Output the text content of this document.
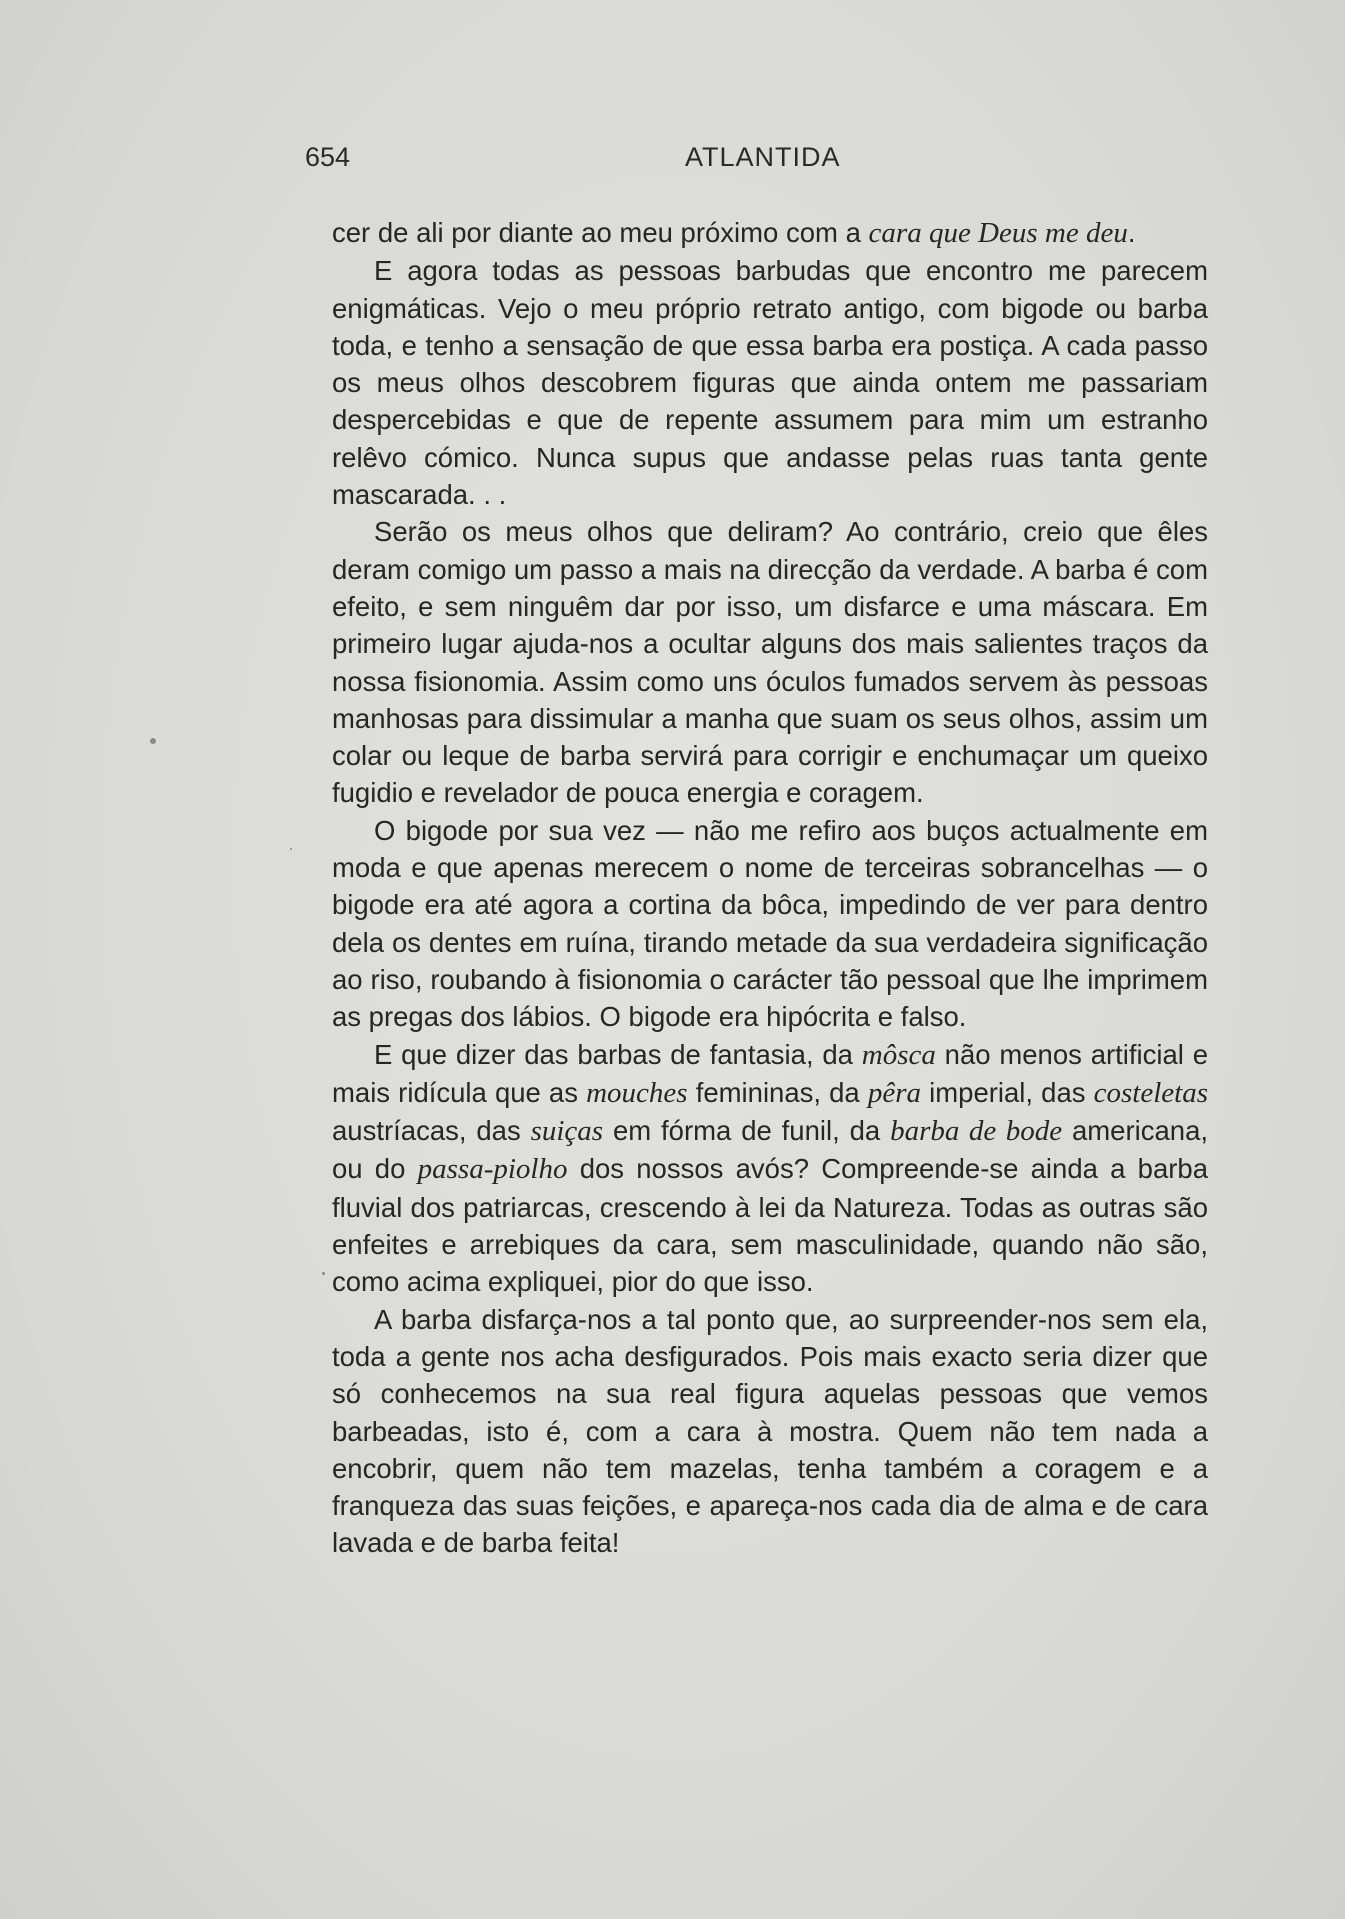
654	ATLANTIDA

cer de ali por diante ao meu próximo com a cara que Deus me deu.

E agora todas as pessoas barbudas que encontro me parecem enigmáticas. Vejo o meu próprio retrato antigo, com bigode ou barba toda, e tenho a sensação de que essa barba era postiça. A cada passo os meus olhos descobrem figuras que ainda ontem me passariam despercebidas e que de repente assumem para mim um estranho relêvo cómico. Nunca supus que andasse pelas ruas tanta gente mascarada. . .

Serão os meus olhos que deliram? Ao contrário, creio que êles deram comigo um passo a mais na direcção da verdade. A barba é com efeito, e sem ninguêm dar por isso, um disfarce e uma máscara. Em primeiro lugar ajuda-nos a ocultar alguns dos mais salientes traços da nossa fisionomia. Assim como uns óculos fumados servem às pessoas manhosas para dissimular a manha que suam os seus olhos, assim um colar ou leque de barba servirá para corrigir e enchumaçar um queixo fugidio e revelador de pouca energia e coragem.

O bigode por sua vez — não me refiro aos buços actualmente em moda e que apenas merecem o nome de terceiras sobrancelhas — o bigode era até agora a cortina da bôca, impedindo de ver para dentro dela os dentes em ruína, tirando metade da sua verdadeira significação ao riso, roubando à fisionomia o carácter tão pessoal que lhe imprimem as pregas dos lábios. O bigode era hipócrita e falso.

E que dizer das barbas de fantasia, da môsca não menos artificial e mais ridícula que as mouches femininas, da pêra imperial, das costeletas austríacas, das suiças em fórma de funil, da barba de bode americana, ou do passa-piolho dos nossos avós? Compreende-se ainda a barba fluvial dos patriarcas, crescendo à lei da Natureza. Todas as outras são enfeites e arrebiques da cara, sem masculinidade, quando não são, como acima expliquei, pior do que isso.

A barba disfarça-nos a tal ponto que, ao surpreender-nos sem ela, toda a gente nos acha desfigurados. Pois mais exacto seria dizer que só conhecemos na sua real figura aquelas pessoas que vemos barbeadas, isto é, com a cara à mostra. Quem não tem nada a encobrir, quem não tem mazelas, tenha também a coragem e a franqueza das suas feições, e apareça-nos cada dia de alma e de cara lavada e de barba feita!
